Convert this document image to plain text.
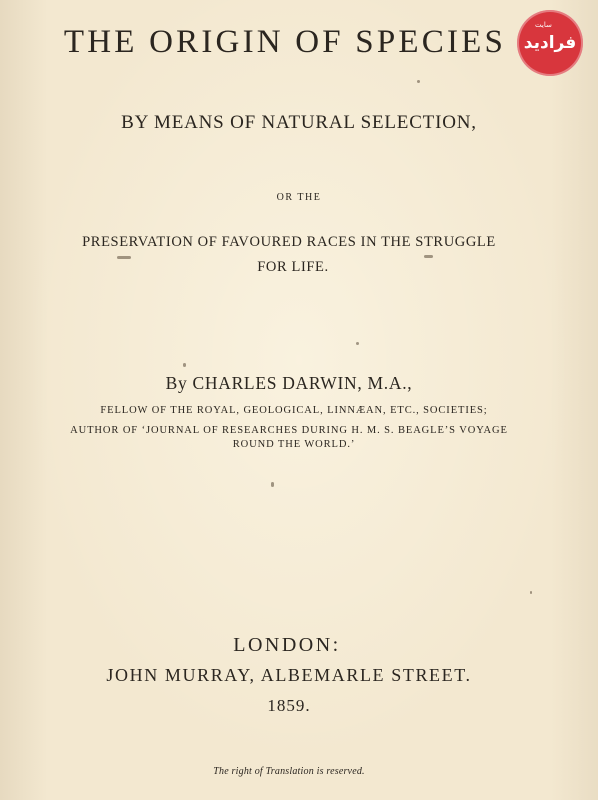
THE ORIGIN OF SPECIES
BY MEANS OF NATURAL SELECTION,
OR THE
PRESERVATION OF FAVOURED RACES IN THE STRUGGLE
FOR LIFE.
By CHARLES DARWIN, M.A.,
FELLOW OF THE ROYAL, GEOLOGICAL, LINNÆAN, ETC., SOCIETIES;
AUTHOR OF ‘JOURNAL OF RESEARCHES DURING H. M. S. BEAGLE’S VOYAGE
ROUND THE WORLD.’
LONDON:
JOHN MURRAY, ALBEMARLE STREET.
1859.
The right of Translation is reserved.
سایت
فرادید
